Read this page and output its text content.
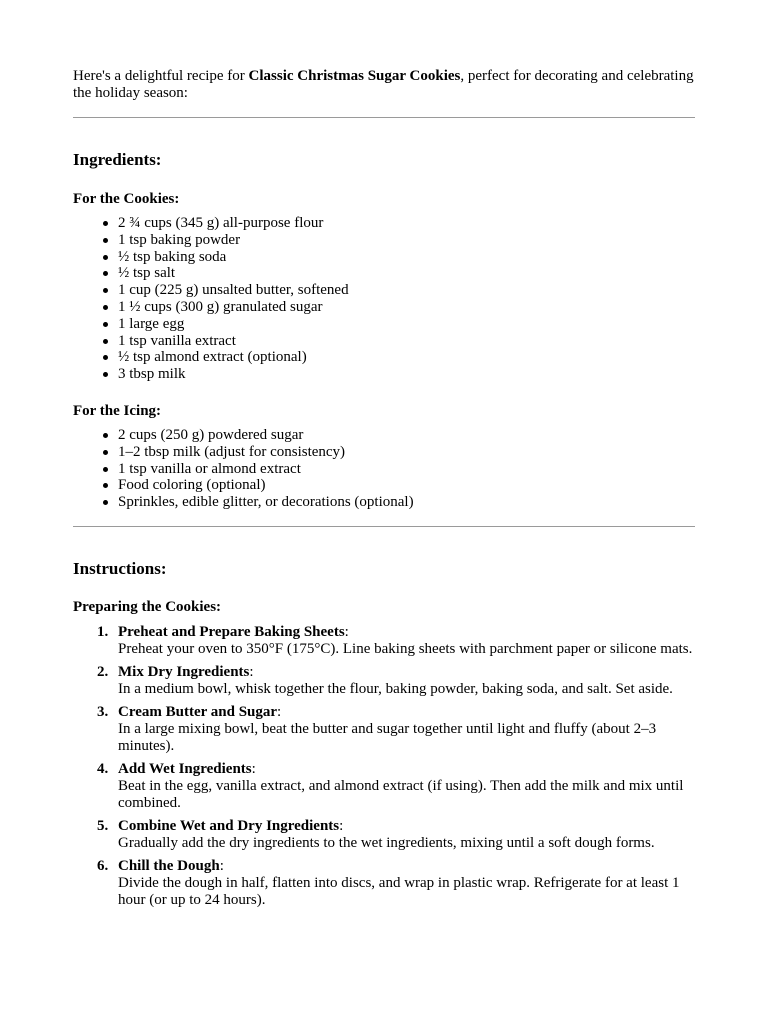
Here's a delightful recipe for Classic Christmas Sugar Cookies, perfect for decorating and celebrating the holiday season:

Ingredients:
For the Cookies:
2 ¾ cups (345 g) all-purpose flour
1 tsp baking powder
½ tsp baking soda
½ tsp salt
1 cup (225 g) unsalted butter, softened
1 ½ cups (300 g) granulated sugar
1 large egg
1 tsp vanilla extract
½ tsp almond extract (optional)
3 tbsp milk
For the Icing:
2 cups (250 g) powdered sugar
1–2 tbsp milk (adjust for consistency)
1 tsp vanilla or almond extract
Food coloring (optional)
Sprinkles, edible glitter, or decorations (optional)
Instructions:
Preparing the Cookies:
1. Preheat and Prepare Baking Sheets:
Preheat your oven to 350°F (175°C). Line baking sheets with parchment paper or silicone mats.
2. Mix Dry Ingredients:
In a medium bowl, whisk together the flour, baking powder, baking soda, and salt. Set aside.
3. Cream Butter and Sugar:
In a large mixing bowl, beat the butter and sugar together until light and fluffy (about 2–3 minutes).
4. Add Wet Ingredients:
Beat in the egg, vanilla extract, and almond extract (if using). Then add the milk and mix until combined.
5. Combine Wet and Dry Ingredients:
Gradually add the dry ingredients to the wet ingredients, mixing until a soft dough forms.
6. Chill the Dough:
Divide the dough in half, flatten into discs, and wrap in plastic wrap. Refrigerate for at least 1 hour (or up to 24 hours).
